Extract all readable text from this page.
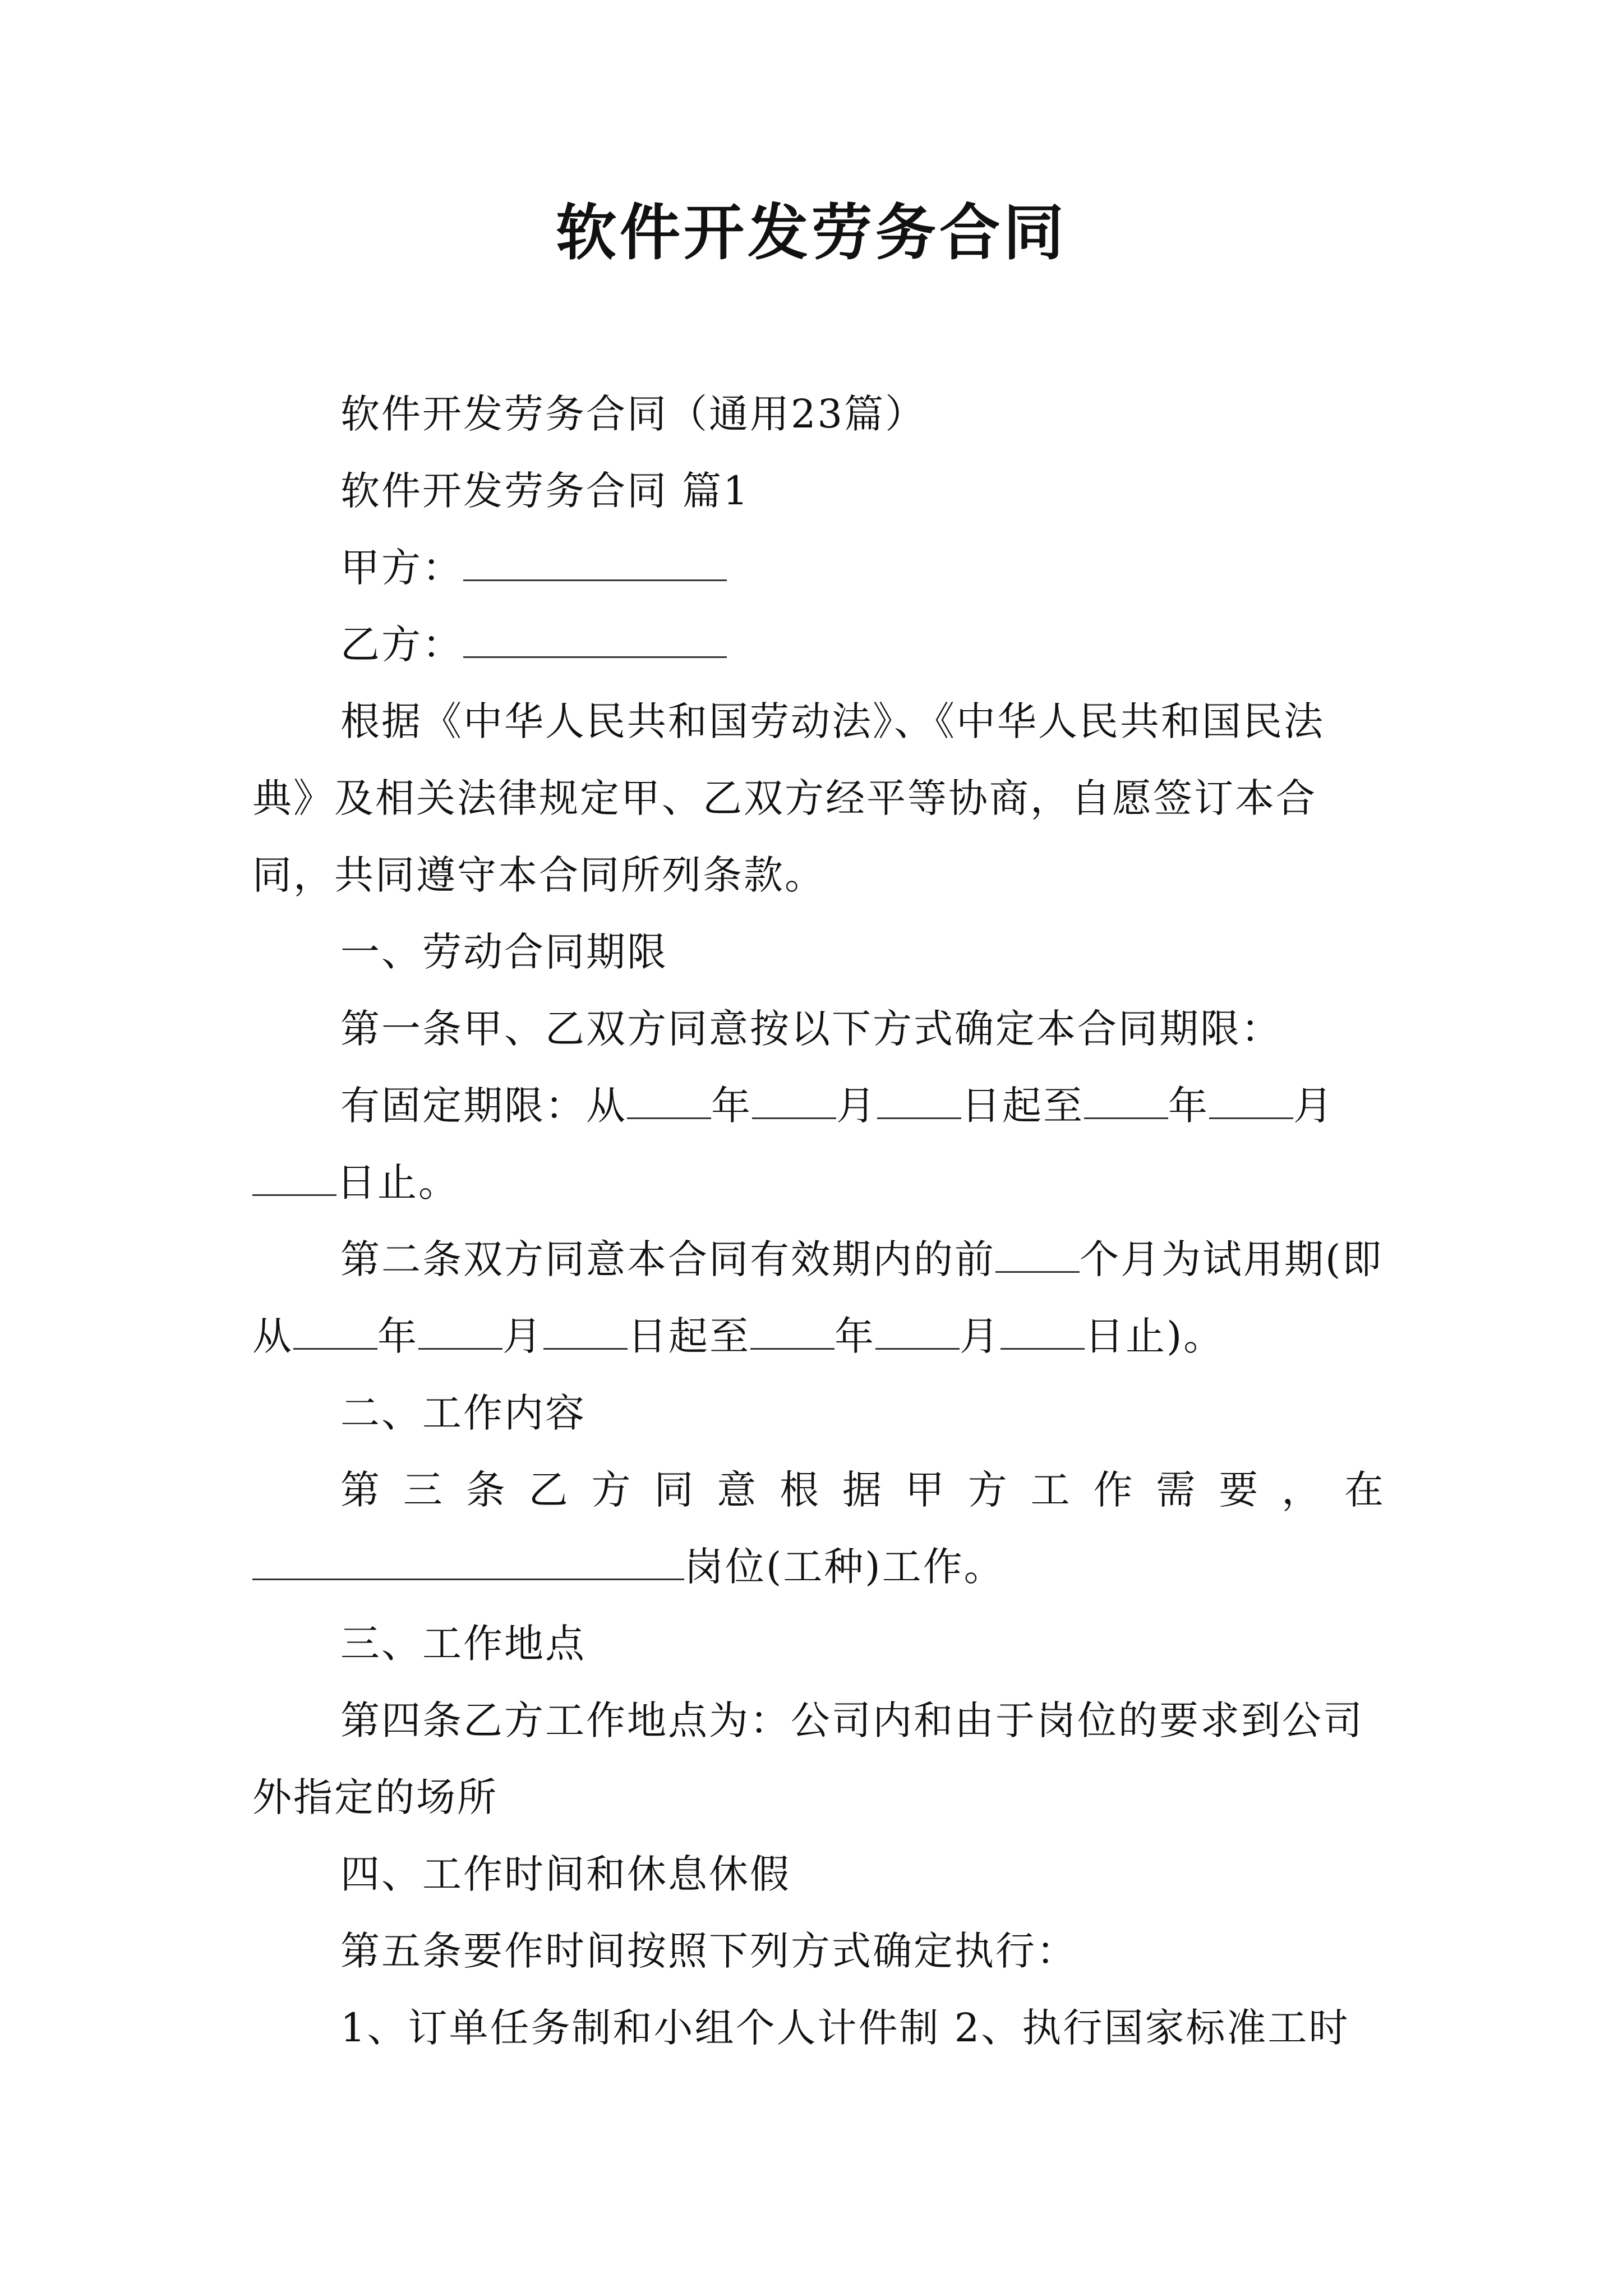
软件开发劳务合同

软件开发劳务合同（通用23篇）

软件开发劳务合同 篇1

甲方：

乙方：

根据《中华人民共和国劳动法》、《中华人民共和国民法典》及相关法律规定甲、乙双方经平等协商，自愿签订本合同，共同遵守本合同所列条款。

一、劳动合同期限

第一条甲、乙双方同意按以下方式确定本合同期限：

有固定期限：从 年 月 日起至 年 月
日止。

第二条双方同意本合同有效期内的前 个月为试用期(即从 年 月 日起至 年 月 日止)。

二、工作内容

第三条乙方同意根据甲方工作需要，在

岗位(工种)工作。

三、工作地点

第四条乙方工作地点为：公司内和由于岗位的要求到公司外指定的场所

四、工作时间和休息休假

第五条要作时间按照下列方式确定执行：

1、订单任务制和小组个人计件制 2、执行国家标准工时
